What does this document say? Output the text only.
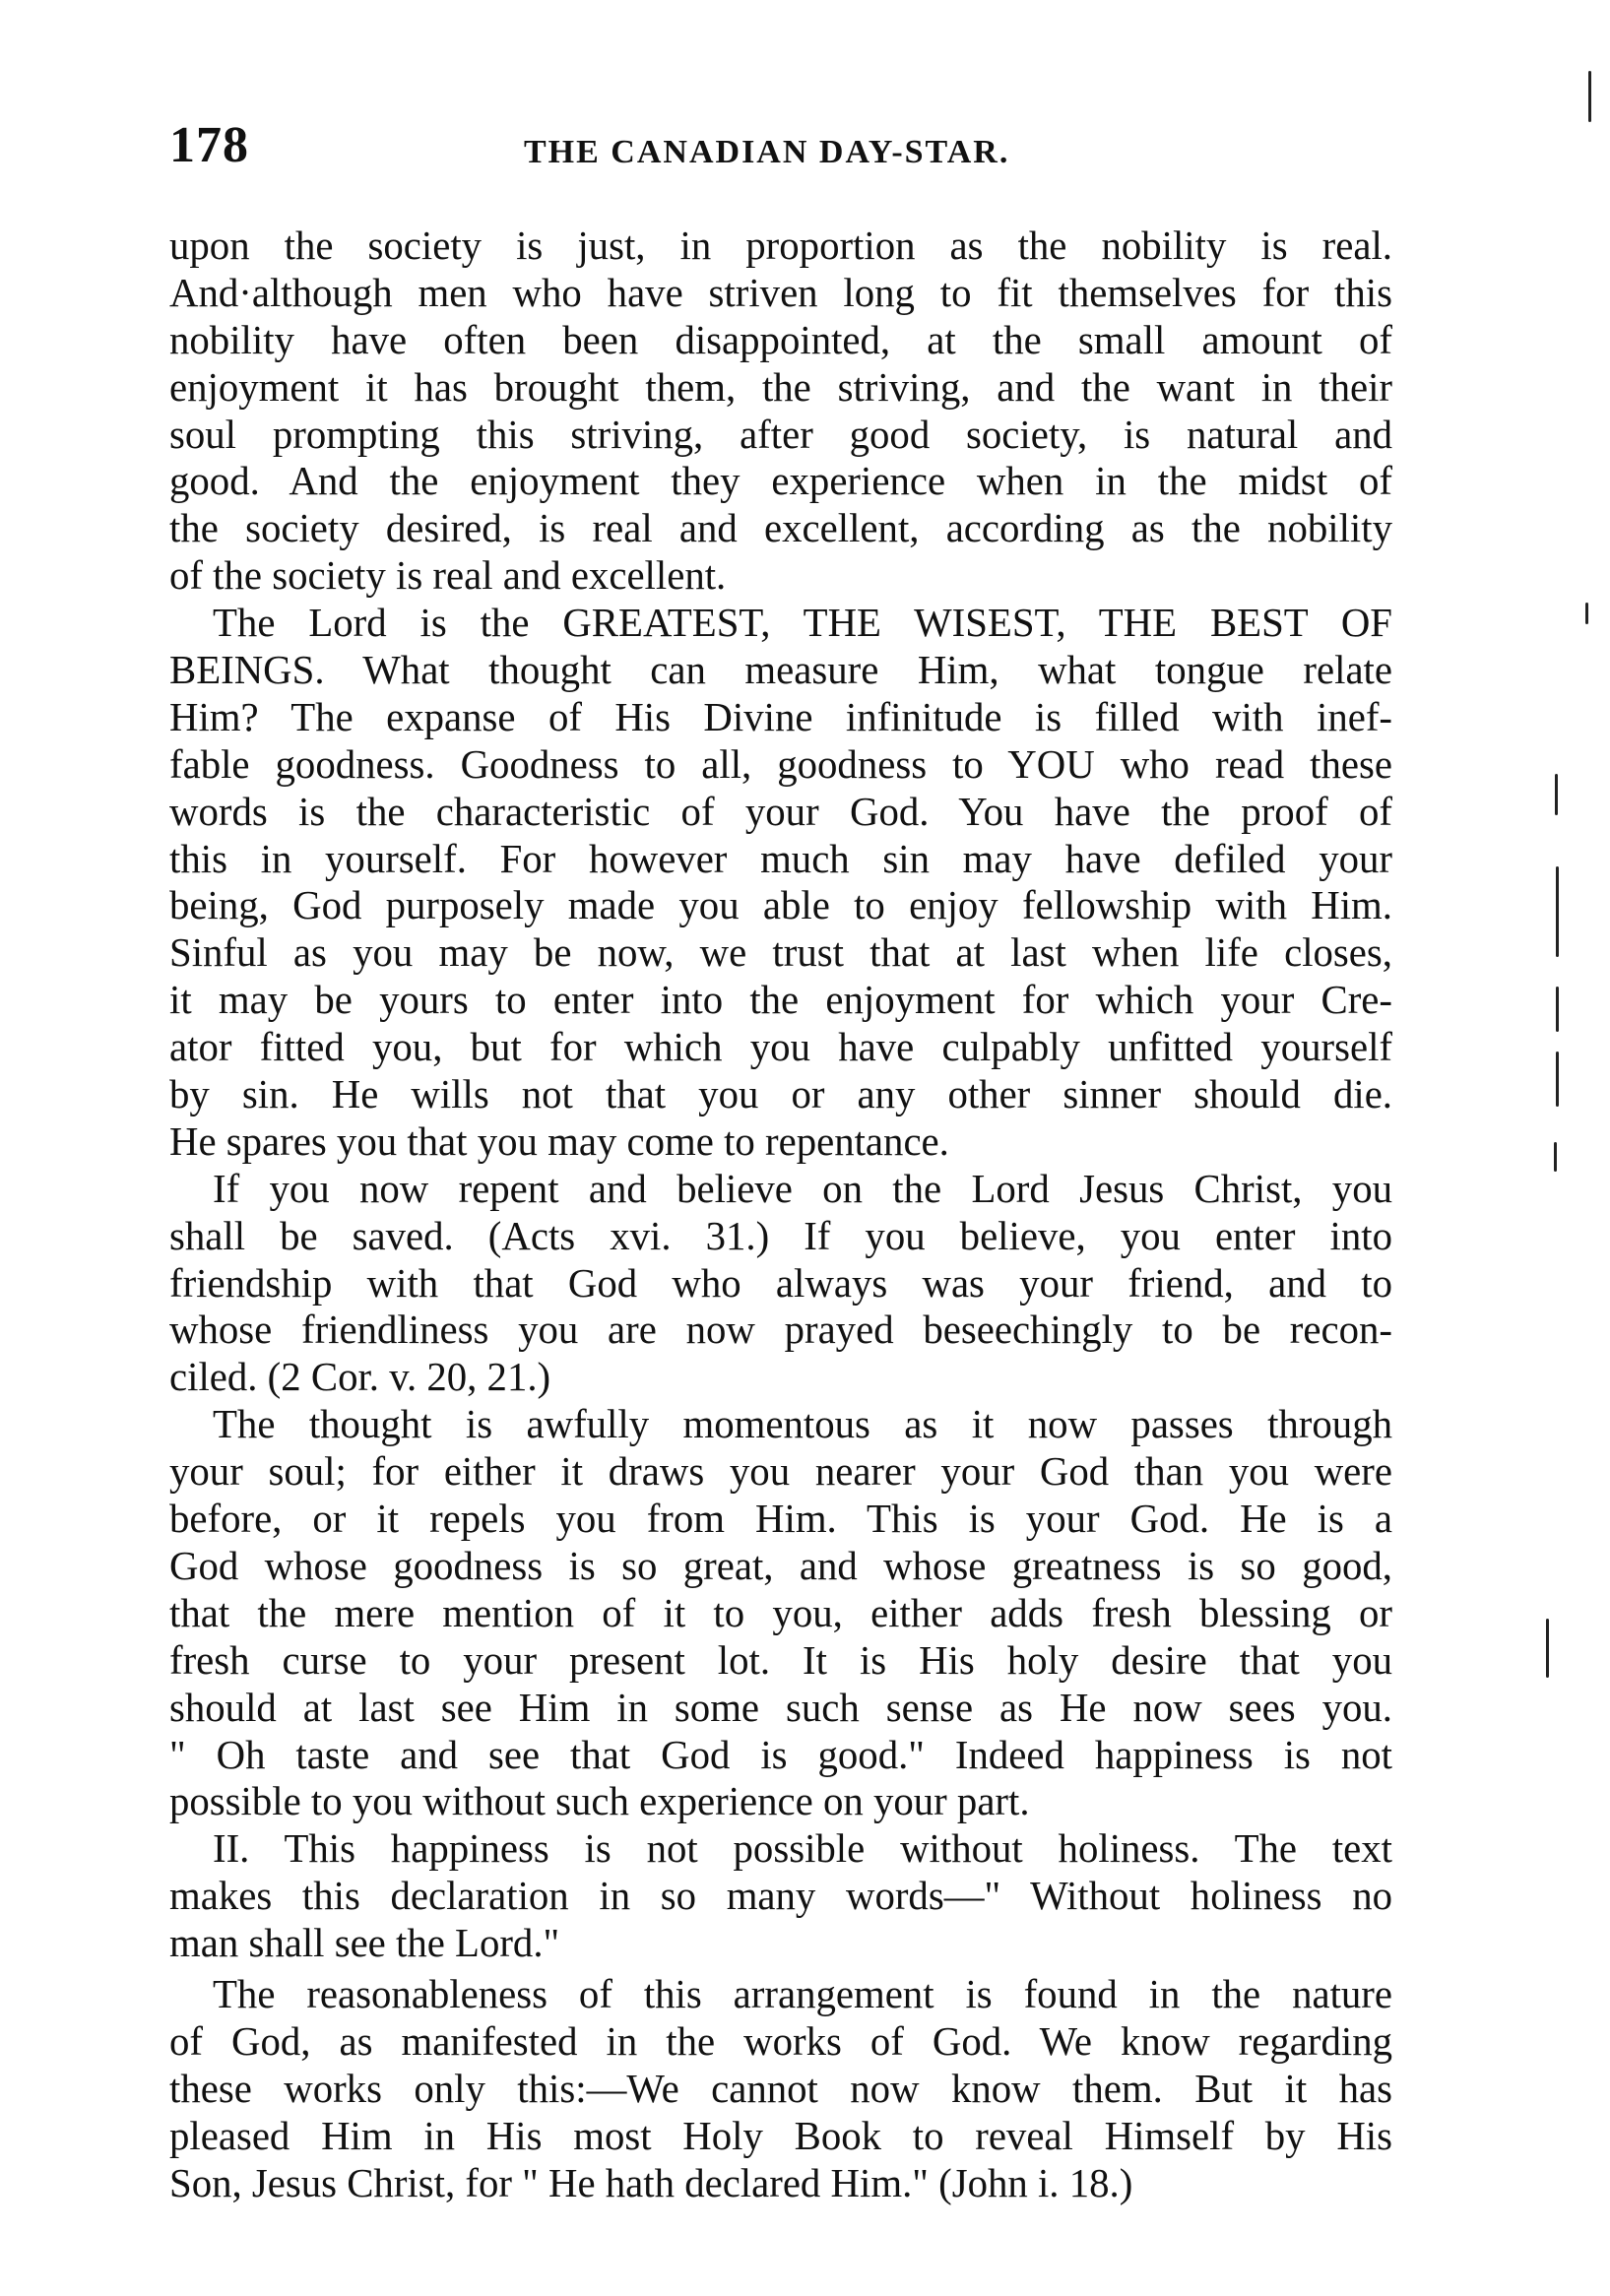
178	THE CANADIAN DAY-STAR.
upon the society is just, in proportion as the nobility is real.
And·although men who have striven long to fit themselves for this
nobility have often been disappointed, at the small amount of
enjoyment it has brought them, the striving, and the want in their
soul prompting this striving, after good society, is natural and
good. And the enjoyment they experience when in the midst of
the society desired, is real and excellent, according as the nobility
of the society is real and excellent.
The Lord is the GREATEST, THE WISEST, THE BEST OF
BEINGS. What thought can measure Him, what tongue relate
Him? The expanse of His Divine infinitude is filled with inef-
fable goodness. Goodness to all, goodness to YOU who read these
words is the characteristic of your God. You have the proof of
this in yourself. For however much sin may have defiled your
being, God purposely made you able to enjoy fellowship with Him.
Sinful as you may be now, we trust that at last when life closes,
it may be yours to enter into the enjoyment for which your Cre-
ator fitted you, but for which you have culpably unfitted yourself
by sin. He wills not that you or any other sinner should die.
He spares you that you may come to repentance.
If you now repent and believe on the Lord Jesus Christ, you
shall be saved. (Acts xvi. 31.) If you believe, you enter into
friendship with that God who always was your friend, and to
whose friendliness you are now prayed beseechingly to be recon-
ciled. (2 Cor. v. 20, 21.)
The thought is awfully momentous as it now passes through
your soul; for either it draws you nearer your God than you were
before, or it repels you from Him. This is your God. He is a
God whose goodness is so great, and whose greatness is so good,
that the mere mention of it to you, either adds fresh blessing or
fresh curse to your present lot. It is His holy desire that you
should at last see Him in some such sense as He now sees you.
" Oh taste and see that God is good." Indeed happiness is not
possible to you without such experience on your part.
II. This happiness is not possible without holiness. The text
makes this declaration in so many words—" Without holiness no
man shall see the Lord."
The reasonableness of this arrangement is found in the nature
of God, as manifested in the works of God. We know regarding
these works only this:—We cannot now know them. But it has
pleased Him in His most Holy Book to reveal Himself by His
Son, Jesus Christ, for " He hath declared Him." (John i. 18.)
